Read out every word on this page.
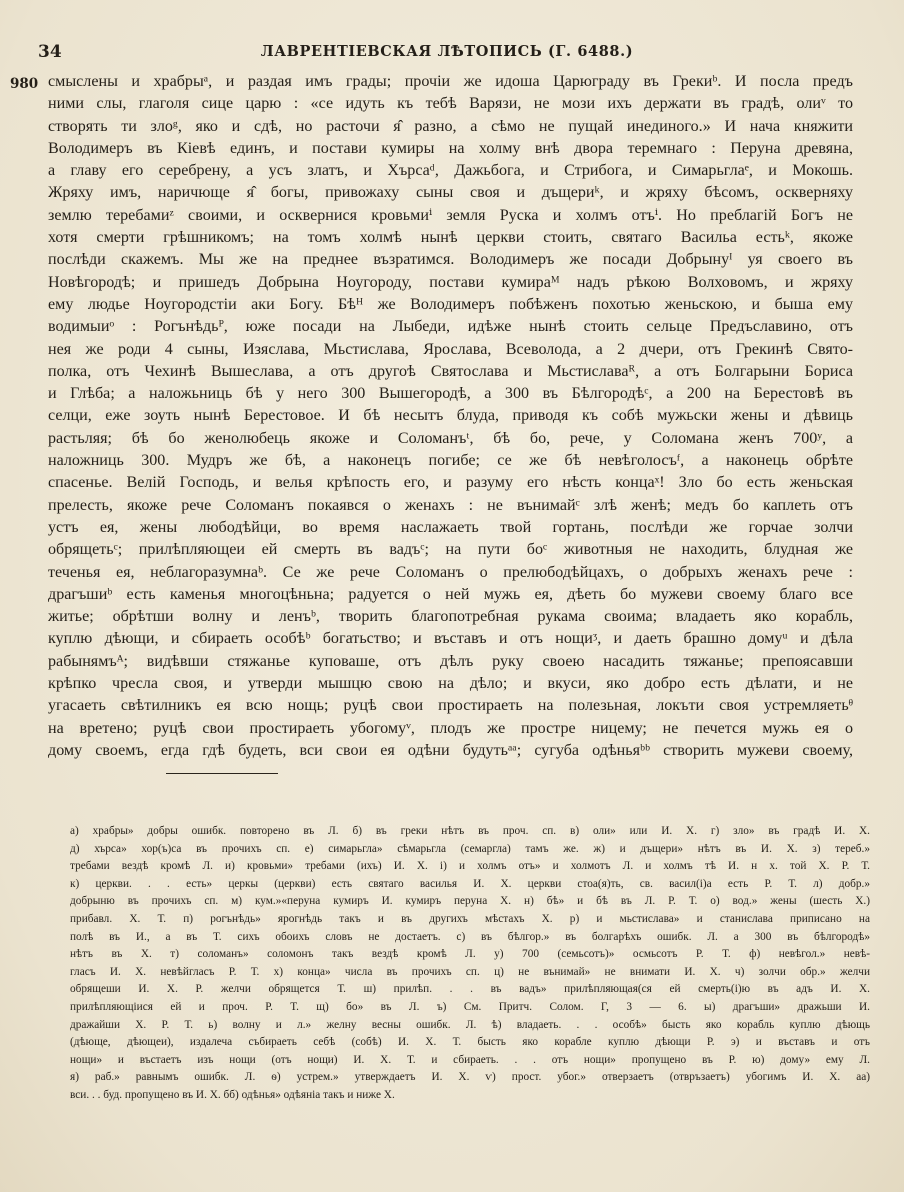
34	ЛАВРЕНТІЕВСКАЯ ЛѢТОПИСЬ (Г. 6488.)
980 смыслены и храбрыᵃ, и раздая имъ грады; прочіи же идоша Царюграду въ Грекиᵇ. И посла предъ
ними слы, глаголя сице царю : «се идуть къ тебѣ Варязи, не мози ихъ держати въ градѣ, олиᵛ то
створять ти злоᵍ, яко и сдѣ, но расточи я̂ разно, а сѣмо не пущай инединого.» И нача княжити
Володимеръ въ Кіевѣ единъ, и постави кумиры на холму внѣ двора теремнаго : Перуна древяна,
а главу его серебрену, а усъ златъ, и Хърсаᵈ, Дажьбога, и Стрибога, и Симарьглаᵉ, и Мокошь.
Жряху имъ, наричюще я̂ богы, привожаху сыны своя и дъщериᵏ, и жряху бѣсомъ, оскверняху
землю теребамиᶻ своими, и осквернися кровьмиⁱ земля Руска и холмъ отъⁱ. Но преблагій Богъ не
хотя смерти грѣшникомъ; на томъ холмѣ нынѣ церкви стоить, святаго Васильа естьᵏ, якоже
послѣди скажемъ. Мы же на преднее възратимся. Володимеръ же посади Добрынуᴵ уя своего въ
Новѣгородѣ; и пришедъ Добрына Ноугороду, постави кумираᴹ надъ рѣкою Волховомъ, и жряху
ему людье Ноугородстіи аки Богу. Бѣᴴ же Володимеръ побѣженъ похотью женьскою, и быша ему
водимыиᵒ : Рогънѣдьᴾ, юже посади на Лыбеди, идѣже нынѣ стоить сельце Предъславино, отъ
нея же роди 4 сыны, Изяслава, Мьстислава, Ярослава, Всеволода, а 2 дчери, отъ Грекинѣ Свято-
полка, отъ Чехинѣ Вышеслава, а отъ другоѣ Святослава и Мьстиславаᴿ, а отъ Болгарыни Бориса
и Глѣба; а наложьниць бѣ у него 300 Вышегородѣ, а 300 въ Бѣлгородѣᶜ, а 200 на Берестовѣ въ
селци, еже зоуть нынѣ Берестовое. И бѣ несытъ блуда, приводя къ собѣ мужьски жены и дѣвиць
растьляя; бѣ бо женолюбець якоже и Соломанъᵗ, бѣ бо, рече, у Соломана женъ 700ʸ, а
наложниць 300. Мудръ же бѣ, а наконецъ погибе; се же бѣ невѣголосъᶠ, а наконець обрѣте
спасенье. Велій Господь, и велья крѣпость его, и разуму его нѣсть концаˣ! Зло бо есть женьская
прелесть, якоже рече Соломанъ покаявся о женахъ : не вънимайᶜ злѣ женѣ; медъ бо каплеть отъ
устъ ея, жены любодѣйци, во время наслажаеть твой гортань, послѣди же горчае золчи
обрящетьᶜ; прилѣпляющеи ей смерть въ вадъᶜ; на пути боᶜ животныя не находить, блудная же
теченья ея, неблагоразумнаᵇ. Се же рече Соломанъ о прелюбодѣйцахъ, о добрыхъ женахъ рече :
драгъшиᵇ есть каменья многоцѣньна; радуется о ней мужь ея, дѣеть бо мужеви своему благо все
житье; обрѣтши волну и ленъᵇ, творить благопотребная рукама своима; владаеть яко корабль,
куплю дѣющи, и сбираеть особѣᵇ богатьство; и въставъ и отъ нощиᶾ, и даеть брашно домуᵘ и дѣла
рабынямъᴬ; видѣвши стяжанье куповаше, отъ дѣлъ руку своею насадить тяжанье; препоясавши
крѣпко чресла своя, и утверди мышцю свою на дѣло; и вкуси, яко добро есть дѣлати, и не
угасаеть свѣтилникъ ея всю нощь; руцѣ свои простираеть на полезьная, локъти своя устремляетьᶿ
на вретено; руцѣ свои простираеть убогомуᵛ, плодъ же простре ницему; не печется мужь ея о
дому своемъ, егда гдѣ будеть, вси свои ея одѣни будутьᵃᵃ; сугуба одѣньяᵇᵇ створить мужеви своему,
а) храбры» добры ошибк. повторено въ Л. б) въ греки нѣтъ въ проч. сп. в) оли» или И. Х. г) зло» въ градѣ И. Х.
д) хърса» хор(ъ)са въ прочихъ сп. е) симарьгла» сѣмарьгла (семаргла) тамъ же. ж) и дъщери» нѣтъ въ И. Х. з) тереб.»
требами вездѣ кромѣ Л. и) кровьми» требами (ихъ) И. Х. і) и холмъ отъ» и холмотъ Л. и холмъ тѣ И. н х. той Х. Р. Т.
к) церкви. . . есть» церкы (церкви) есть святаго василья И. Х. церкви стоа(я)ть, св. васил(і)а есть Р. Т. л) добр.»
добрыню въ прочихъ сп. м) кум.»«перуна кумиръ И. кумиръ перуна Х. н) бѣ» и бѣ въ Л. Р. Т. о) вод.» жены (шесть Х.)
прибавл. Х. Т. п) рогънѣдь» ярогнѣдь такъ и въ другихъ мѣстахъ Х. р) и мьстислава» и станислава приписано на
полѣ въ И., а въ Т. сихъ обоихъ словъ не достаетъ. с) въ бѣлгор.» въ болгарѣхъ ошибк. Л. а 300 въ бѣлгородѣ»
нѣтъ въ Х. т) соломанъ» соломонъ такъ вездѣ кромѣ Л. у) 700 (семьсотъ)» осмьсотъ Р. Т. ф) невѣгол.» невѣ-
гласъ И. Х. невѣйгласъ Р. Т. х) конца» числа въ прочихъ сп. ц) не вънимай» не внимати И. Х. ч) золчи обр.» желчи
обрящеши И. Х. Р. желчи обрящется Т. ш) прилѣп. . . въ вадъ» прилѣпляющая(ся ей смерть(і)ю въ адъ И. Х.
прилѣпляющіися ей и проч. Р. Т. щ) бо» въ Л. ъ) См. Притч. Солом. Г, 3 — 6. ы) драгъши» дражьши И.
дражайши Х. Р. Т. ь) волну и л.» желну весны ошибк. Л. ѣ) владаеть. . . особѣ» бысть яко корабль куплю дѣющь
(дѣюще, дѣющеи), издалеча събираеть себѣ (собѣ) И. Х. Т. бысть яко корабле куплю дѣющи Р. э) и въставъ и отъ
нощи» и въстаетъ изъ нощи (отъ нощи) И. Х. Т. и сбираеть. . . отъ нощи» пропущено въ Р. ю) дому» ему Л.
я) раб.» равнымъ ошибк. Л. ѳ) устрем.» утверждаетъ И. Х. ѵ) прост. убог.» отверзаетъ (отвръзаетъ) убогимъ И. Х. аа)
вси. . . буд. пропущено въ И. Х. бб) одѣнья» одѣяніа такъ и ниже Х.
